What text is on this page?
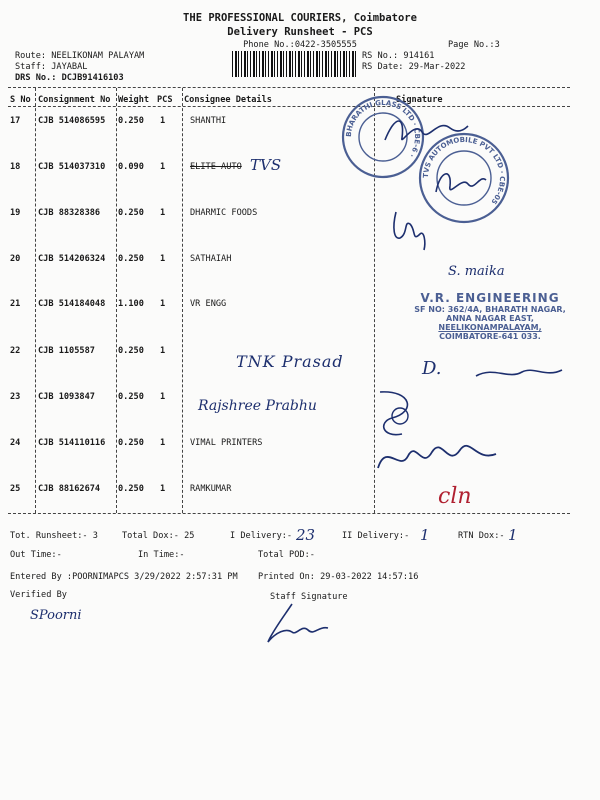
THE PROFESSIONAL COURIERS, Coimbatore
Delivery Runsheet - PCS
Phone No.:0422-3505555	Page No.:3
Route: NEELIKONAM PALAYAM
Staff: JAYABAL
DRS No.: DCJB91416103
RS No.: 914161
RS Date: 29-Mar-2022
S No Consignment No Weight PCS Consignee Details	Signature
17 CJB 514086595 0.250 1	SHANTHI
18 CJB 514037310 0.090 1	ELITE AUTO
19 CJB 88328386 0.250 1	DHARMIC FOODS
20 CJB 514206324 0.250 1	SATHAIAH
21 CJB 514184048 1.100 1	VR ENGG
22 CJB 1105587	0.250 1
23 CJB 1093847	0.250 1
24 CJB 514110116 0.250 1	VIMAL PRINTERS
25 CJB 88162674 0.250 1	RAMKUMAR
BHARATHI GLASS LTD · CBE-6 ·
TVS AUTOMOBILE PVT LTD · CBE-05
V.R. ENGINEERING
SF NO: 362/4A, BHARATH NAGAR,
ANNA NAGAR EAST,
NEELIKONAMPALAYAM,
COIMBATORE-641 033.
TVS
S. maika
TNK Prasad	D.
Rajshree Prabhu
cln
Tot. Runsheet:- 3	Total Dox:- 25	I Delivery:- 23	II Delivery:- 1	RTN Dox:- 1
Out Time:-	In Time:-	Total POD:-
Entered By :POORNIMAPCS 3/29/2022 2:57:31 PM Printed On: 29-03-2022 14:57:16
Verified By	Staff Signature
SPoorni
